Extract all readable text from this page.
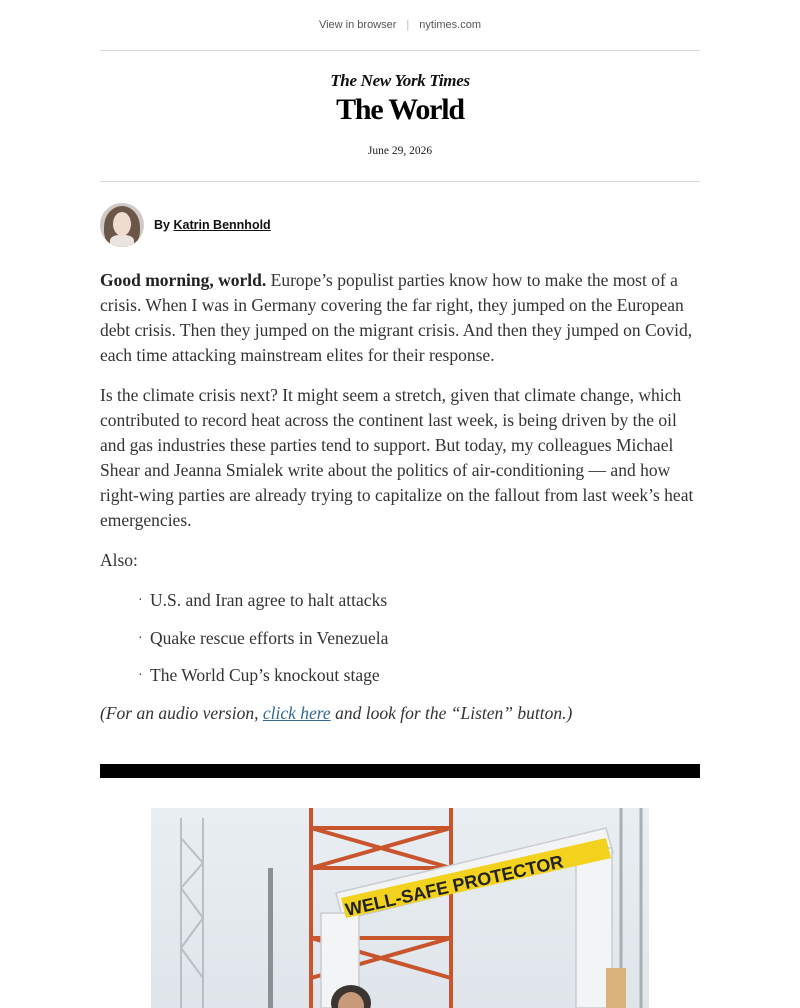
View in browser | nytimes.com
The New York Times
The World
June 29, 2026
By Katrin Bennhold

Good morning, world. Europe’s populist parties know how to make the most of a crisis. When I was in Germany covering the far right, they jumped on the European debt crisis. Then they jumped on the migrant crisis. And then they jumped on Covid, each time attacking mainstream elites for their response.

Is the climate crisis next? It might seem a stretch, given that climate change, which contributed to record heat across the continent last week, is being driven by the oil and gas industries these parties tend to support. But today, my colleagues Michael Shear and Jeanna Smialek write about the politics of air-conditioning — and how right-wing parties are already trying to capitalize on the fallout from last week’s heat emergencies.

Also:

· U.S. and Iran agree to halt attacks
· Quake rescue efforts in Venezuela
· The World Cup’s knockout stage
(For an audio version, click here and look for the “Listen” button.)
WELL-SAFE PROTECTOR
